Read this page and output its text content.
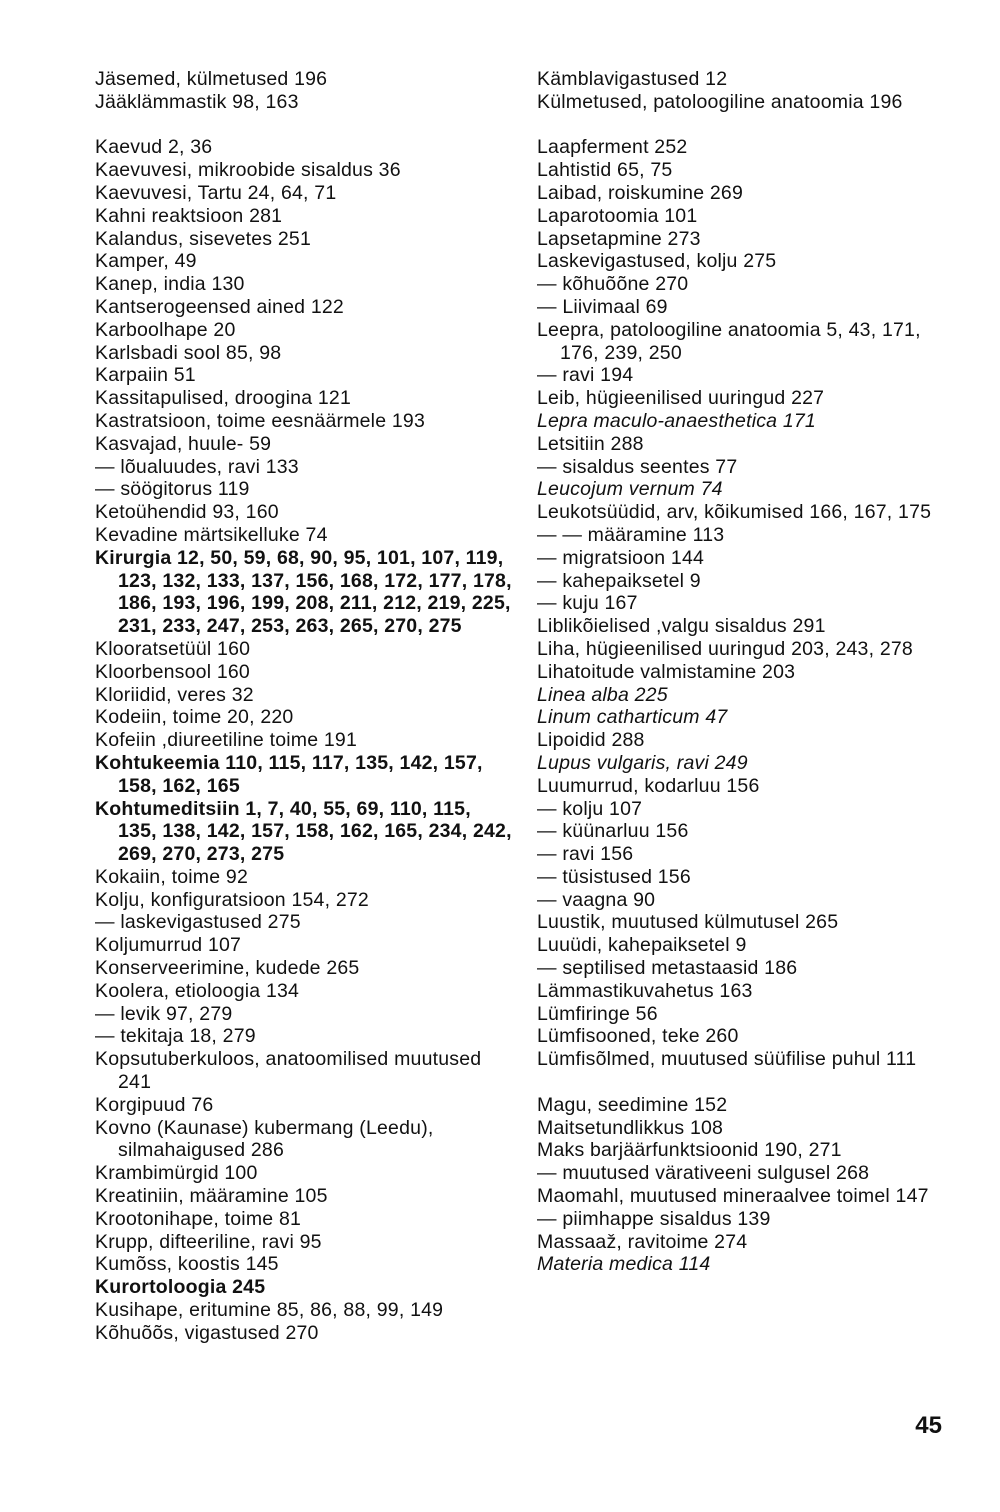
Jäsemed, külmetused 196
Jääklämmastik 98, 163
Kaevud 2, 36
Kaevuvesi, mikroobide sisaldus 36
Kaevuvesi, Tartu 24, 64, 71
Kahni reaktsioon 281
Kalandus, sisevetes 251
Kamper, 49
Kanep, india 130
Kantserogeensed ained 122
Karboolhape 20
Karlsbadi sool 85, 98
Karpaiin 51
Kassitapulised, droogina 121
Kastratsioon, toime eesnäärmele 193
Kasvajad, huule- 59
— lõualuudes, ravi 133
— söögitorus 119
Ketoühendid 93, 160
Kevadine märtsikelluke 74
Kirurgia 12, 50, 59, 68, 90, 95, 101, 107, 119, 123, 132, 133, 137, 156, 168, 172, 177, 178, 186, 193, 196, 199, 208, 211, 212, 219, 225, 231, 233, 247, 253, 263, 265, 270, 275
Klooratsetüül 160
Kloorbensool 160
Kloriidid, veres 32
Kodeiin, toime 20, 220
Kofeiin ,diureetiline toime 191
Kohtukeemia 110, 115, 117, 135, 142, 157, 158, 162, 165
Kohtumeditsiin 1, 7, 40, 55, 69, 110, 115, 135, 138, 142, 157, 158, 162, 165, 234, 242, 269, 270, 273, 275
Kokaiin, toime 92
Kolju, konfiguratsioon 154, 272
— laskevigastused 275
Koljumurrud 107
Konserveerimine, kudede 265
Koolera, etioloogia 134
— levik 97, 279
— tekitaja 18, 279
Kopsutuberkuloos, anatoomilised muutused 241
Korgipuud 76
Kovno (Kaunase) kubermang (Leedu), silmahaigused 286
Krambimürgid 100
Kreatiniin, määramine 105
Krootonihape, toime 81
Krupp, difteeriline, ravi 95
Kumõss, koostis 145
Kurortoloogia 245
Kusihape, eritumine 85, 86, 88, 99, 149
Kõhuõõs, vigastused 270
Kämblavigastused 12
Külmetused, patoloogiline anatoomia 196
Laapferment 252
Lahtistid 65, 75
Laibad, roiskumine 269
Laparotoomia 101
Lapsetapmine 273
Laskevigastused, kolju 275
— kõhuõõne 270
— Liivimaal 69
Leepra, patoloogiline anatoomia 5, 43, 171, 176, 239, 250
— ravi 194
Leib, hügieenilised uuringud 227
Lepra maculo-anaesthetica 171
Letsitiin 288
— sisaldus seentes 77
Leucojum vernum 74
Leukotsüüdid, arv, kõikumised 166, 167, 175
— — määramine 113
— migratsioon 144
— kahepaiksetel 9
— kuju 167
Liblikõielised ,valgu sisaldus 291
Liha, hügieenilised uuringud 203, 243, 278
Lihatoitude valmistamine 203
Linea alba 225
Linum catharticum 47
Lipoidid 288
Lupus vulgaris, ravi 249
Luumurrud, kodarluu 156
— kolju 107
— küünarluu 156
— ravi 156
— tüsistused 156
— vaagna 90
Luustik, muutused külmutusel 265
Luuüdi, kahepaiksetel 9
— septilised metastaasid 186
Lämmastikuvahetus 163
Lümfiringe 56
Lümfisooned, teke 260
Lümfisõlmed, muutused süüfilise puhul 111
Magu, seedimine 152
Maitsetundlikkus 108
Maks barjäärfunktsioonid 190, 271
— muutused värativeeni sulgusel 268
Maomahl, muutused mineraalvee toimel 147
— piimhappe sisaldus 139
Massaaž, ravitoime 274
Materia medica 114
45
